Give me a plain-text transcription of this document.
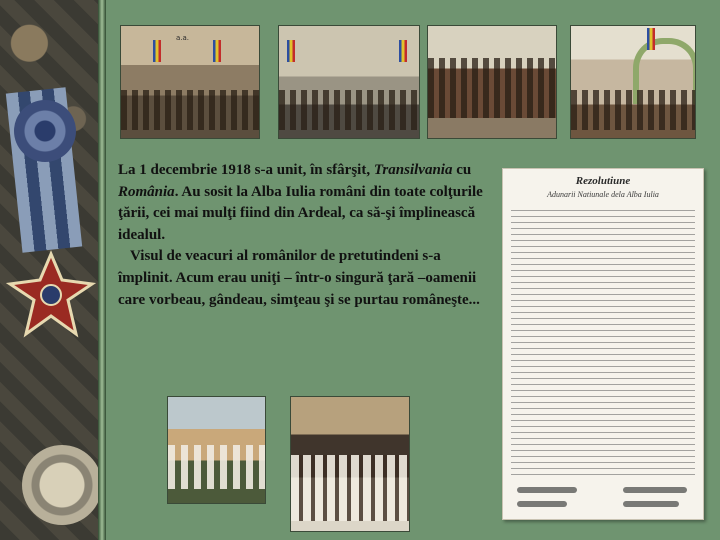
a.a.

La 1 decembrie 1918 s-a unit, în sfârşit, Transilvania cu România. Au sosit la Alba Iulia români din toate colţurile ţării, cei mai mulţi fiind din Ardeal, ca să-şi împlinească idealul.

Visul de veacuri al românilor de pretutindeni s-a împlinit. Acum erau uniţi – într-o singură ţară –oamenii care vorbeau, gândeau, simţeau şi se purtau româneşte...

Rezolutiune
Adunarii Natiunale dela Alba Iulia
